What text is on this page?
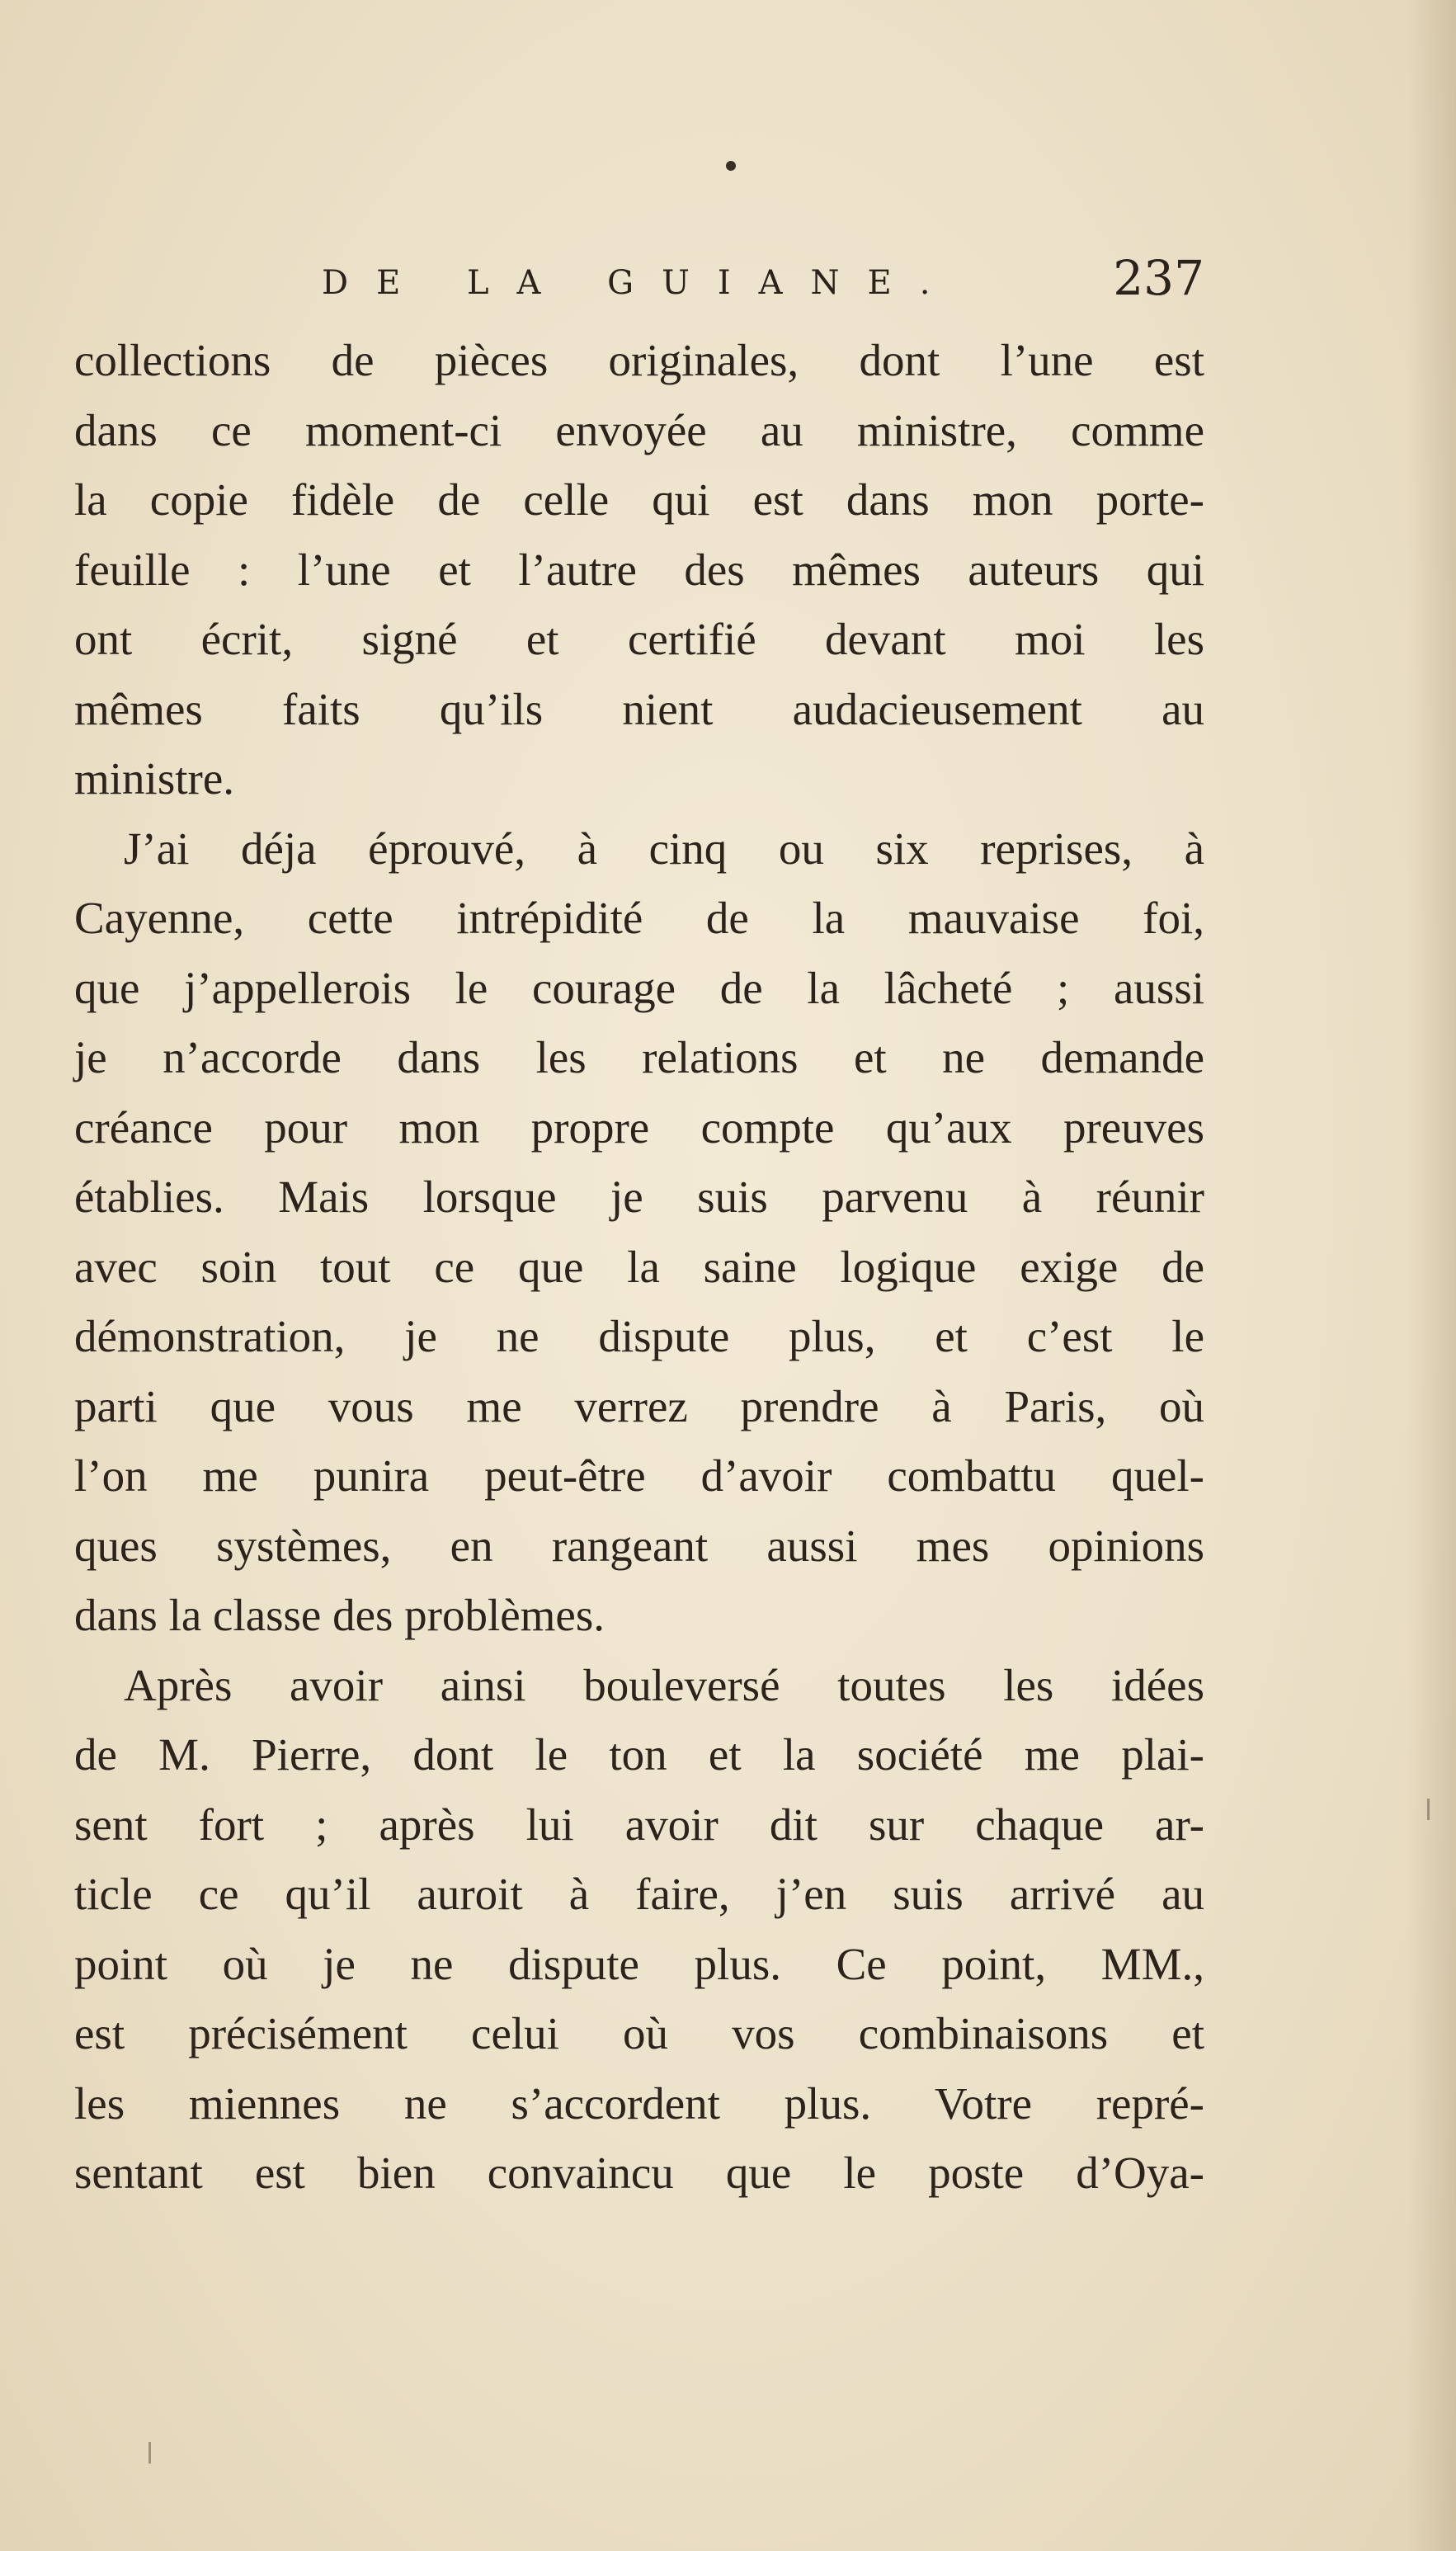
DE LA GUIANE.	237
collections de pièces originales, dont l’une est
dans ce moment-ci envoyée au ministre, comme
la copie fidèle de celle qui est dans mon porte-
feuille : l’une et l’autre des mêmes auteurs qui
ont écrit, signé et certifié devant moi les
mêmes faits qu’ils nient audacieusement au
ministre.
J’ai déja éprouvé, à cinq ou six reprises, à
Cayenne, cette intrépidité de la mauvaise foi,
que j’appellerois le courage de la lâcheté ; aussi
je n’accorde dans les relations et ne demande
créance pour mon propre compte qu’aux preuves
établies. Mais lorsque je suis parvenu à réunir
avec soin tout ce que la saine logique exige de
démonstration, je ne dispute plus, et c’est le
parti que vous me verrez prendre à Paris, où
l’on me punira peut-être d’avoir combattu quel-
ques systèmes, en rangeant aussi mes opinions
dans la classe des problèmes.
Après avoir ainsi bouleversé toutes les idées
de M. Pierre, dont le ton et la société me plai-
sent fort ; après lui avoir dit sur chaque ar-
ticle ce qu’il auroit à faire, j’en suis arrivé au
point où je ne dispute plus. Ce point, MM.,
est précisément celui où vos combinaisons et
les miennes ne s’accordent plus. Votre repré-
sentant est bien convaincu que le poste d’Oya-
